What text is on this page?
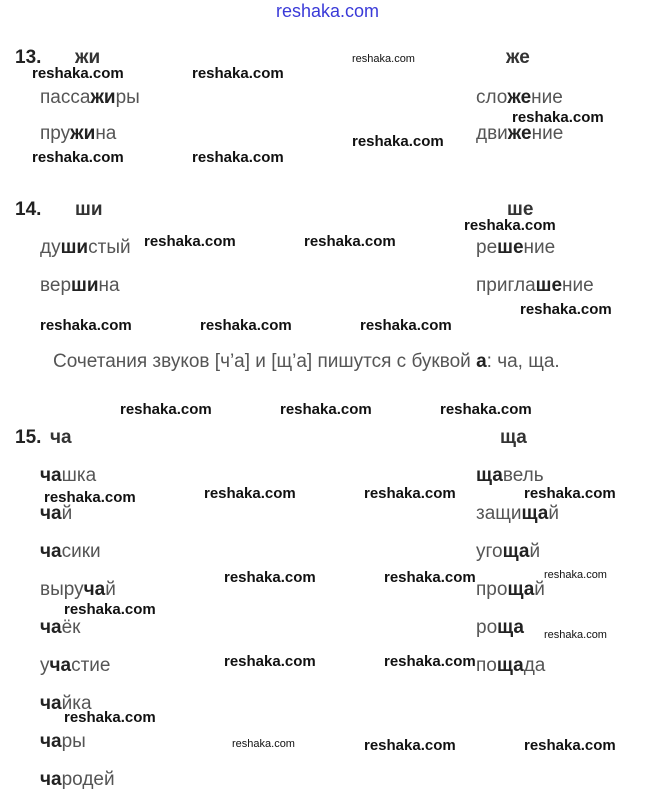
reshaka.com
13. жи	же
пассажиры
пружина
сложение
движение
14. ши	ше
душистый
вершина
решение
приглашение
Сочетания звуков [ч’а] и [щ’а] пишутся с буквой а: ча, ща.
15. ча	ща
чашка
чай
часики
выручай
чаёк
участие
чайка
чары
чародей
щавель
защищай
угощай
прощай
роща
пощада
reshaka.com	reshaka.com
reshaka.com
reshaka.com
reshaka.com	reshaka.com
reshaka.com
reshaka.com
reshaka.com	reshaka.com
reshaka.com
reshaka.com	reshaka.com	reshaka.com
reshaka.com	reshaka.com	reshaka.com
reshaka.com	reshaka.com	reshaka.com	reshaka.com
reshaka.com	reshaka.com	reshaka.com
reshaka.com
reshaka.com
reshaka.com	reshaka.com
reshaka.com
reshaka.com	reshaka.com	reshaka.com
